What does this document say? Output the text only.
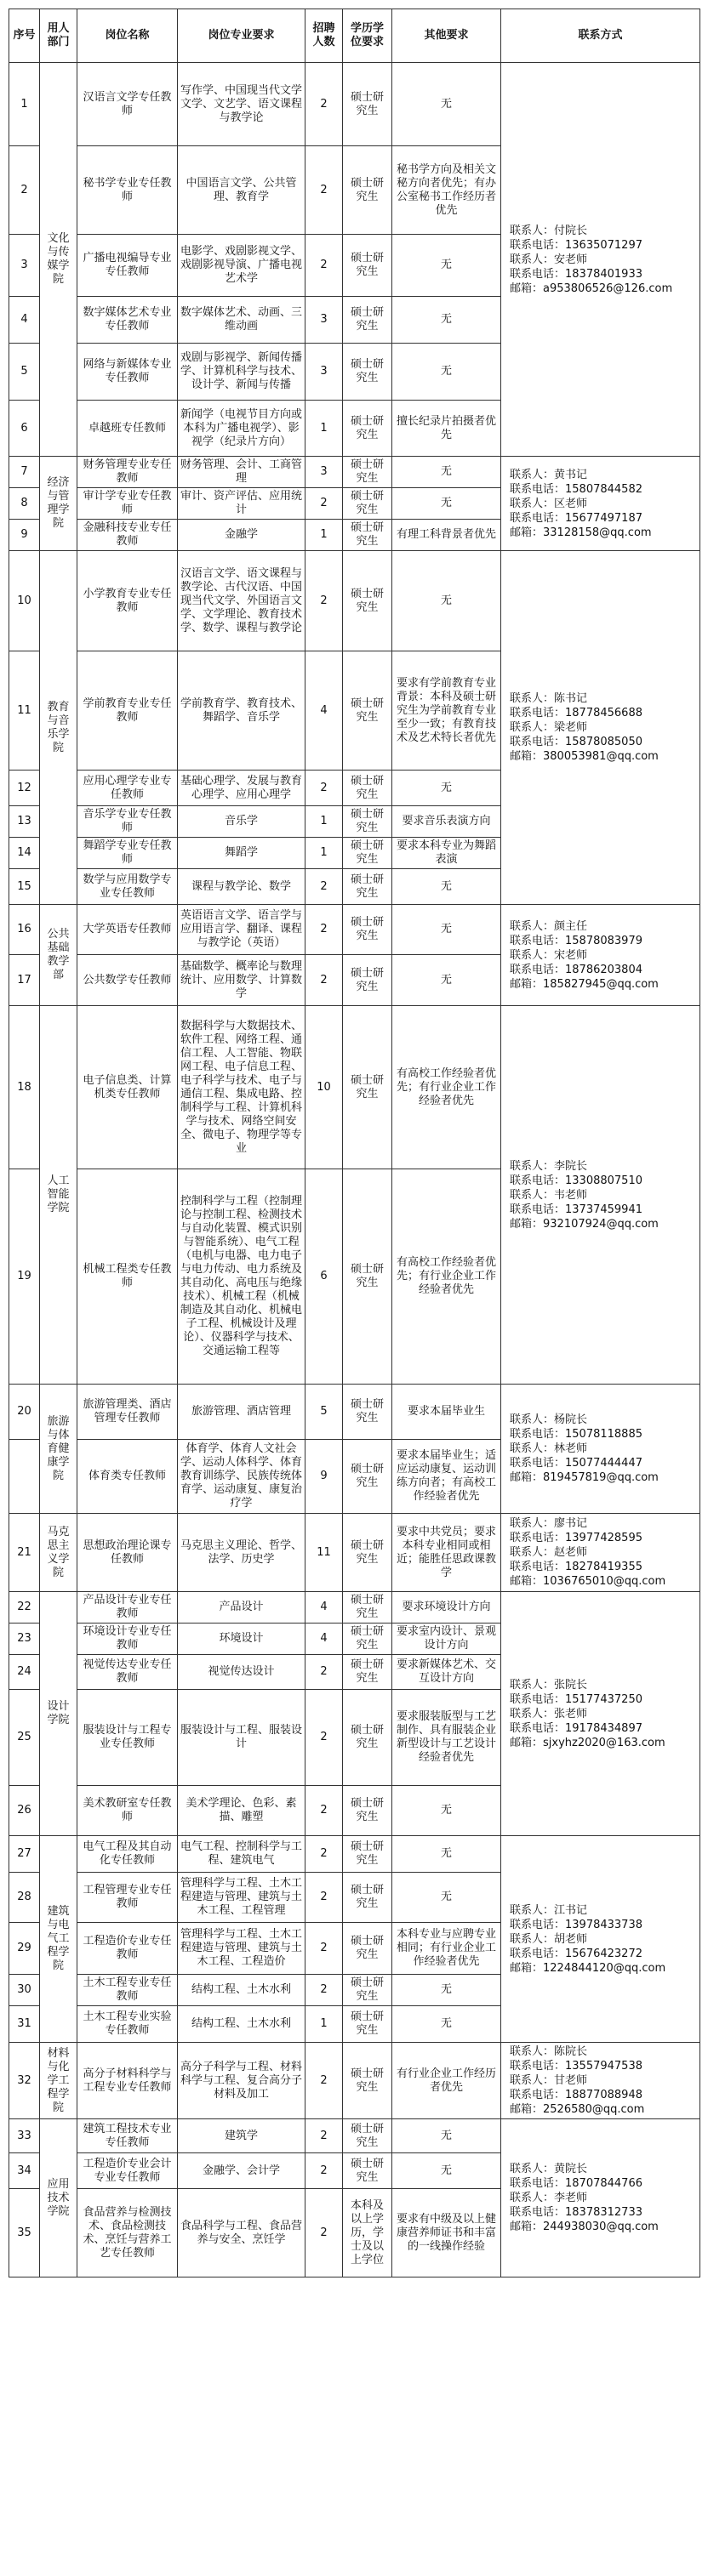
序号	用人部门	岗位名称	岗位专业要求	招聘人数	学历学位要求	其他要求	联系方式
1	文化与传媒学院	汉语言文学专任教师	写作学、中国现当代文学文学、文艺学、语文课程与教学论	2	硕士研究生	无	联系人：付院长
联系电话：13635071297
联系人：安老师
联系电话：18378401933
邮箱：a953806526@126.com

2		秘书学专业专任教师	中国语言文学、公共管理、教育学	2	硕士研究生	秘书学方向及相关文秘方向者优先；有办公室秘书工作经历者优先	
3		广播电视编导专业专任教师	电影学、戏剧影视文学、戏剧影视导演、广播电视艺术学	2	硕士研究生	无	
4		数字媒体艺术专业专任教师	数字媒体艺术、动画、三维动画	3	硕士研究生	无	
5		网络与新媒体专业专任教师	戏剧与影视学、新闻传播学、计算机科学与技术、设计学、新闻与传播	3	硕士研究生	无	
6		卓越班专任教师	新闻学（电视节目方向或本科为广播电视学）、影视学（纪录片方向）	1	硕士研究生	擅长纪录片拍摄者优先	
7	经济与管理学院	财务管理专业专任教师	财务管理、会计、工商管理	3	硕士研究生	无	联系人：黄书记
联系电话：15807844582
联系人：区老师
联系电话：15677497187
邮箱：33128158@qq.com

8		审计学专业专任教师	审计、资产评估、应用统计	2	硕士研究生	无	
9		金融科技专业专任教师	金融学	1	硕士研究生	有理工科背景者优先	
10	教育与音乐学院	小学教育专业专任教师	汉语言文学、语文课程与教学论、古代汉语、中国现当代文学、外国语言文学、文学理论、教育技术学、数学、课程与教学论	2	硕士研究生	无	联系人：陈书记
联系电话：18778456688
联系人：梁老师
联系电话：15878085050
邮箱：380053981@qq.com

11		学前教育专业专任教师	学前教育学、教育技术、舞蹈学、音乐学	4	硕士研究生	要求有学前教育专业背景：本科及硕士研究生为学前教育专业至少一致；有教育技术及艺术特长者优先	
12		应用心理学专业专任教师	基础心理学、发展与教育心理学、应用心理学	2	硕士研究生	无	
13		音乐学专业专任教师	音乐学	1	硕士研究生	要求音乐表演方向	
14		舞蹈学专业专任教师	舞蹈学	1	硕士研究生	要求本科专业为舞蹈表演	
15		数学与应用数学专业专任教师	课程与教学论、数学	2	硕士研究生	无	
16	公共基础教学部	大学英语专任教师	英语语言文学、语言学与应用语言学、翻译、课程与教学论（英语）	2	硕士研究生	无	联系人：颜主任
联系电话：15878083979
联系人：宋老师
联系电话：18786203804
邮箱：185827945@qq.com

17		公共数学专任教师	基础数学、概率论与数理统计、应用数学、计算数学	2	硕士研究生	无	
18	人工智能学院	电子信息类、计算机类专任教师	数据科学与大数据技术、软件工程、网络工程、通信工程、人工智能、物联网工程、电子信息工程、电子科学与技术、电子与通信工程、集成电路、控制科学与工程、计算机科学与技术、网络空间安全、微电子、物理学等专业	10	硕士研究生	有高校工作经验者优先；有行业企业工作经验者优先	联系人：李院长
联系电话：13308807510
联系人：韦老师
联系电话：13737459941
邮箱：932107924@qq.com

19		机械工程类专任教师	控制科学与工程（控制理论与控制工程、检测技术与自动化装置、模式识别与智能系统）、电气工程（电机与电器、电力电子与电力传动、电力系统及其自动化、高电压与绝缘技术）、机械工程（机械制造及其自动化、机械电子工程、机械设计及理论）、仪器科学与技术、交通运输工程等	6	硕士研究生	有高校工作经验者优先；有行业企业工作经验者优先	
20	旅游与体育健康学院	旅游管理类、酒店管理专任教师	旅游管理、酒店管理	5	硕士研究生	要求本届毕业生	联系人：杨院长
联系电话：15078118885
联系人：林老师
联系电话：15077444447
邮箱：819457819@qq.com

		体育类专任教师	体育学、体育人文社会学、运动人体科学、体育教育训练学、民族传统体育学、运动康复、康复治疗学	9	硕士研究生	要求本届毕业生；适应运动康复、运动训练方向者；有高校工作经验者优先	
21	马克思主义学院	思想政治理论课专任教师	马克思主义理论、哲学、法学、历史学	11	硕士研究生	要求中共党员；要求本科专业相同或相近；能胜任思政课教学	联系人：廖书记
联系电话：13977428595
联系人：赵老师
联系电话：18278419355
邮箱：1036765010@qq.com

22	设计学院	产品设计专业专任教师	产品设计	4	硕士研究生	要求环境设计方向	联系人：张院长
联系电话：15177437250
联系人：张老师
联系电话：19178434897
邮箱：sjxyhz2020@163.com

23		环境设计专业专任教师	环境设计	4	硕士研究生	要求室内设计、景观设计方向	
24		视觉传达专业专任教师	视觉传达设计	2	硕士研究生	要求新媒体艺术、交互设计方向	
25		服装设计与工程专业专任教师	服装设计与工程、服装设计	2	硕士研究生	要求服装版型与工艺制作、具有服装企业新型设计与工艺设计经验者优先	
26		美术教研室专任教师	美术学理论、色彩、素描、雕塑	2	硕士研究生	无	
27	建筑与电气工程学院	电气工程及其自动化专任教师	电气工程、控制科学与工程、建筑电气	2	硕士研究生	无	联系人：江书记
联系电话：13978433738
联系人：胡老师
联系电话：15676423272
邮箱：1224844120@qq.com

28		工程管理专业专任教师	管理科学与工程、土木工程建造与管理、建筑与土木工程、工程管理	2	硕士研究生	无	
29		工程造价专业专任教师	管理科学与工程、土木工程建造与管理、建筑与土木工程、工程造价	2	硕士研究生	本科专业与应聘专业相同；有行业企业工作经验者优先	
30		土木工程专业专任教师	结构工程、土木水利	2	硕士研究生	无	
31		土木工程专业实验专任教师	结构工程、土木水利	1	硕士研究生	无	
32	材料与化学工程学院	高分子材料科学与工程专业专任教师	高分子科学与工程、材料科学与工程、复合高分子材料及加工	2	硕士研究生	有行业企业工作经历者优先	联系人：陈院长
联系电话：13557947538
联系人：甘老师
联系电话：18877088948
邮箱：2526580@qq.com

33	应用技术学院	建筑工程技术专业专任教师	建筑学	2	硕士研究生	无	联系人：黄院长
联系电话：18707844766
联系人：李老师
联系电话：18378312733
邮箱：244938030@qq.com

34		工程造价专业会计专业专任教师	金融学、会计学	2	硕士研究生	无	
35		食品营养与检测技术、食品检测技术、烹饪与营养工艺专任教师	食品科学与工程、食品营养与安全、烹饪学	2	本科及以上学历，学士及以上学位	要求有中级及以上健康营养师证书和丰富的一线操作经验	
